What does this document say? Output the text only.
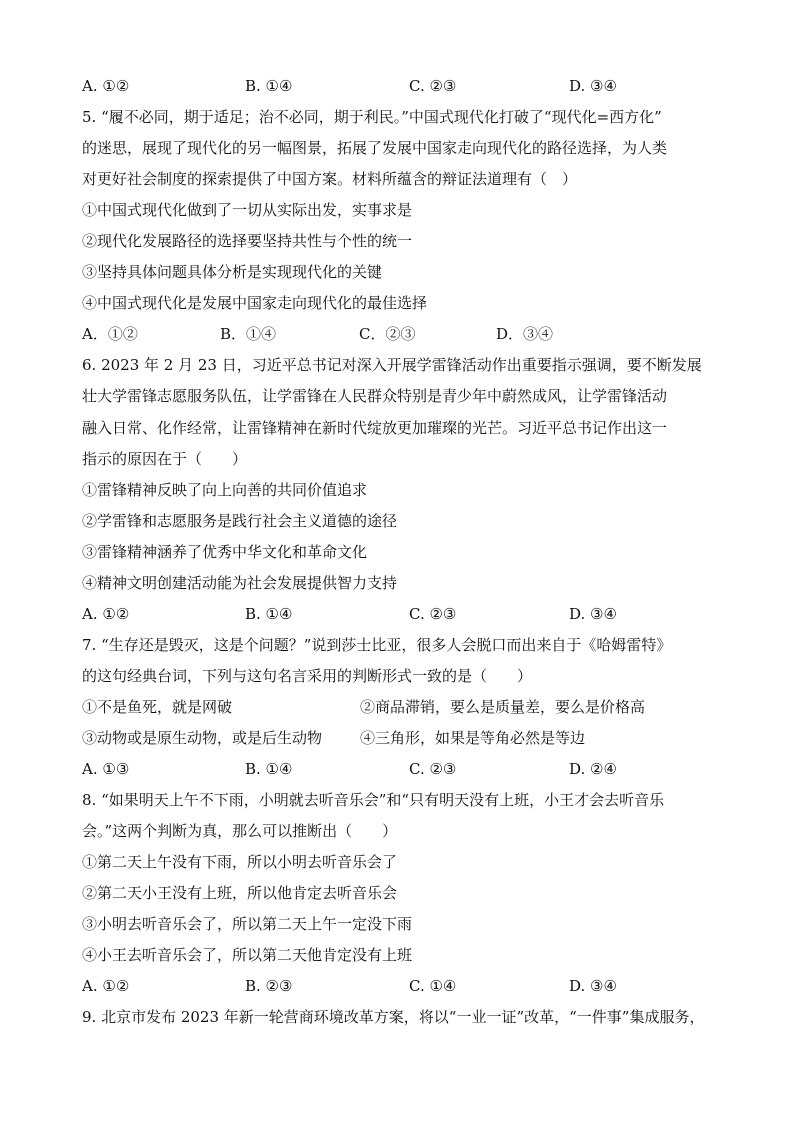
A. ①②	B. ①④	C. ②③	D. ③④
5. “履不必同，期于适足；治不必同，期于利民。”中国式现代化打破了“现代化=西方化”
的迷思，展现了现代化的另一幅图景，拓展了发展中国家走向现代化的路径选择，为人类
对更好社会制度的探索提供了中国方案。材料所蕴含的辩证法道理有（　）
①中国式现代化做到了一切从实际出发，实事求是
②现代化发展路径的选择要坚持共性与个性的统一
③坚持具体问题具体分析是实现现代化的关键
④中国式现代化是发展中国家走向现代化的最佳选择
A．①②	B．①④	C．②③	D．③④
6. 2023 年 2 月 23 日，习近平总书记对深入开展学雷锋活动作出重要指示强调，要不断发展
壮大学雷锋志愿服务队伍，让学雷锋在人民群众特别是青少年中蔚然成风，让学雷锋活动
融入日常、化作经常，让雷锋精神在新时代绽放更加璀璨的光芒。习近平总书记作出这一
指示的原因在于（　　）
①雷锋精神反映了向上向善的共同价值追求
②学雷锋和志愿服务是践行社会主义道德的途径
③雷锋精神涵养了优秀中华文化和革命文化
④精神文明创建活动能为社会发展提供智力支持
A. ①②	B. ①④	C. ②③	D. ③④
7. “生存还是毁灭，这是个问题？”说到莎士比亚，很多人会脱口而出来自于《哈姆雷特》
的这句经典台词，下列与这句名言采用的判断形式一致的是（　　）
①不是鱼死，就是网破	②商品滞销，要么是质量差，要么是价格高
③动物或是原生动物，或是后生动物	④三角形，如果是等角必然是等边
A. ①③	B. ①④	C. ②③	D. ②④
8. “如果明天上午不下雨，小明就去听音乐会”和“只有明天没有上班，小王才会去听音乐
会。”这两个判断为真，那么可以推断出（　　）
①第二天上午没有下雨，所以小明去听音乐会了
②第二天小王没有上班，所以他肯定去听音乐会
③小明去听音乐会了，所以第二天上午一定没下雨
④小王去听音乐会了，所以第二天他肯定没有上班
A. ①②	B. ②③	C. ①④	D. ③④
9. 北京市发布 2023 年新一轮营商环境改革方案，将以“一业一证”改革，“一件事”集成服务，
